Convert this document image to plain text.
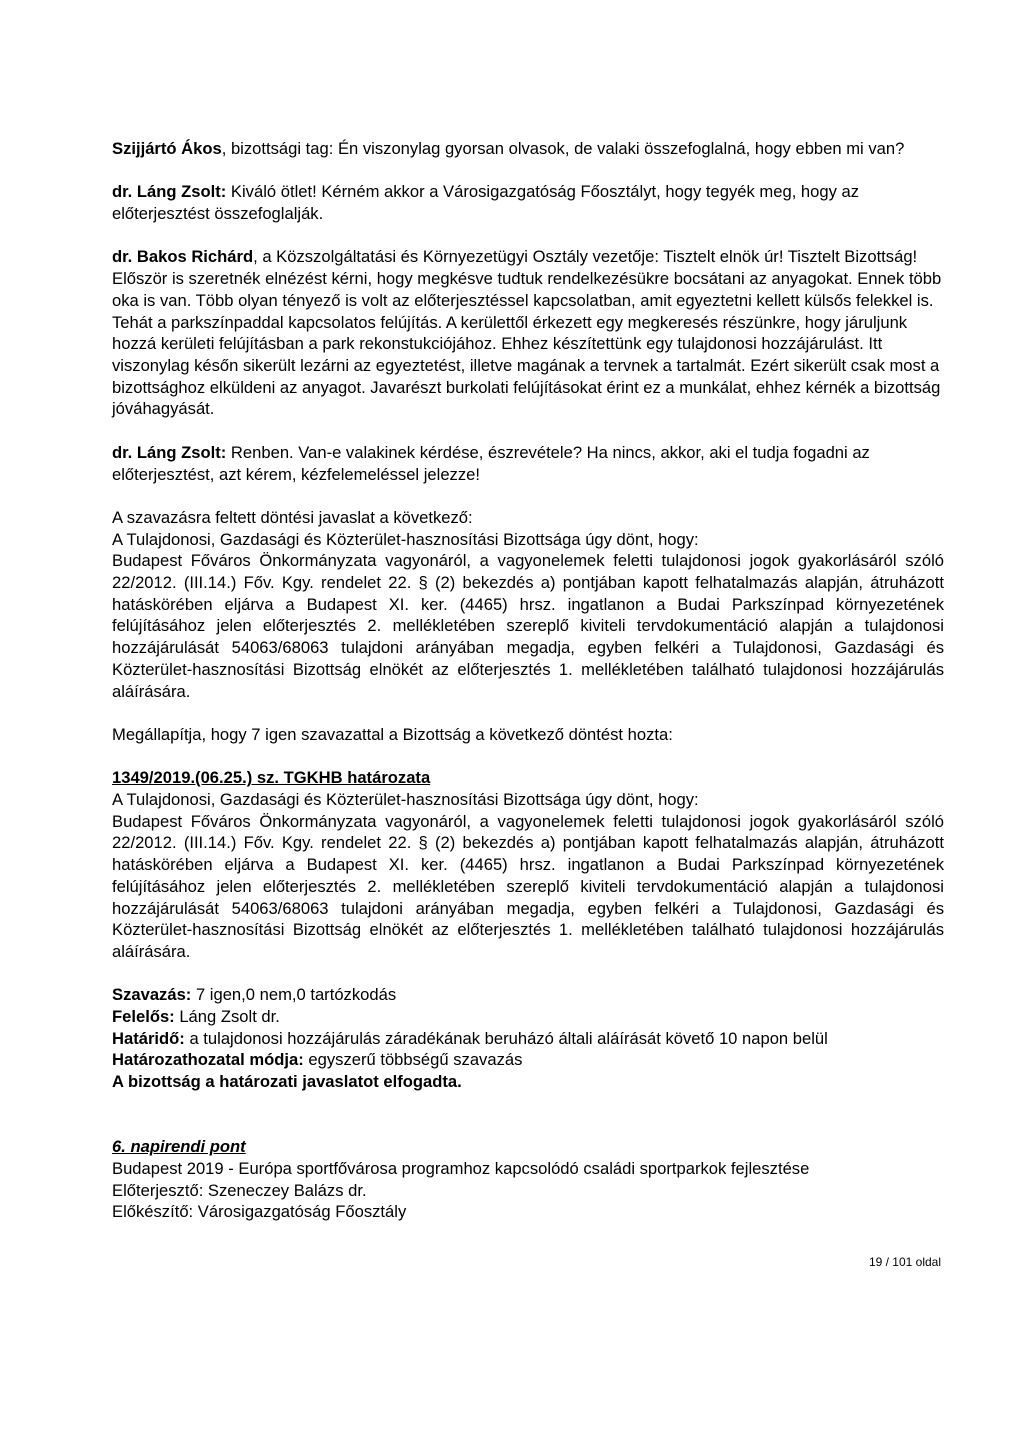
Szijjártó Ákos, bizottsági tag: Én viszonylag gyorsan olvasok, de valaki összefoglalná, hogy ebben mi van?

dr. Láng Zsolt: Kiváló ötlet! Kérném akkor a Városigazgatóság Főosztályt, hogy tegyék meg, hogy az előterjesztést összefoglalják.

dr. Bakos Richárd, a Közszolgáltatási és Környezetügyi Osztály vezetője: Tisztelt elnök úr! Tisztelt Bizottság! Először is szeretnék elnézést kérni, hogy megkésve tudtuk rendelkezésükre bocsátani az anyagokat. Ennek több oka is van. Több olyan tényező is volt az előterjesztéssel kapcsolatban, amit egyeztetni kellett külsős felekkel is. Tehát a parkszínpaddal kapcsolatos felújítás. A kerülettől érkezett egy megkeresés részünkre, hogy járuljunk hozzá kerületi felújításban a park rekonstukciójához. Ehhez készítettünk egy tulajdonosi hozzájárulást. Itt viszonylag későn sikerült lezárni az egyeztetést, illetve magának a tervnek a tartalmát. Ezért sikerült csak most a bizottsághoz elküldeni az anyagot. Javarészt burkolati felújításokat érint ez a munkálat, ehhez kérnék a bizottság jóváhagyását.

dr. Láng Zsolt: Renben. Van-e valakinek kérdése, észrevétele? Ha nincs, akkor, aki el tudja fogadni az előterjesztést, azt kérem, kézfelemeléssel jelezze!

A szavazásra feltett döntési javaslat a következő:

A Tulajdonosi, Gazdasági és Közterület-hasznosítási Bizottsága úgy dönt, hogy:

Budapest Főváros Önkormányzata vagyonáról, a vagyonelemek feletti tulajdonosi jogok gyakorlásáról szóló 22/2012. (III.14.) Főv. Kgy. rendelet 22. § (2) bekezdés a) pontjában kapott felhatalmazás alapján, átruházott hatáskörében eljárva a Budapest XI. ker. (4465) hrsz. ingatlanon a Budai Parkszínpad környezetének felújításához jelen előterjesztés 2. mellékletében szereplő kiviteli tervdokumentáció alapján a tulajdonosi hozzájárulását 54063/68063 tulajdoni arányában megadja, egyben felkéri a Tulajdonosi, Gazdasági és Közterület-hasznosítási Bizottság elnökét az előterjesztés 1. mellékletében található tulajdonosi hozzájárulás aláírására.

Megállapítja, hogy 7 igen szavazattal a Bizottság a következő döntést hozta:

1349/2019.(06.25.) sz. TGKHB határozata

A Tulajdonosi, Gazdasági és Közterület-hasznosítási Bizottsága úgy dönt, hogy:

Budapest Főváros Önkormányzata vagyonáról, a vagyonelemek feletti tulajdonosi jogok gyakorlásáról szóló 22/2012. (III.14.) Főv. Kgy. rendelet 22. § (2) bekezdés a) pontjában kapott felhatalmazás alapján, átruházott hatáskörében eljárva a Budapest XI. ker. (4465) hrsz. ingatlanon a Budai Parkszínpad környezetének felújításához jelen előterjesztés 2. mellékletében szereplő kiviteli tervdokumentáció alapján a tulajdonosi hozzájárulását 54063/68063 tulajdoni arányában megadja, egyben felkéri a Tulajdonosi, Gazdasági és Közterület-hasznosítási Bizottság elnökét az előterjesztés 1. mellékletében található tulajdonosi hozzájárulás aláírására.

Szavazás: 7 igen,0 nem,0 tartózkodás

Felelős: Láng Zsolt dr.

Határidő: a tulajdonosi hozzájárulás záradékának beruházó általi aláírását követő 10 napon belül

Határozathozatal módja: egyszerű többségű szavazás

A bizottság a határozati javaslatot elfogadta.

6. napirendi pont

Budapest 2019 - Európa sportfővárosa programhoz kapcsolódó családi sportparkok fejlesztése

Előterjesztő: Szeneczey Balázs dr.

Előkészítő: Városigazgatóság Főosztály

19 / 101 oldal
